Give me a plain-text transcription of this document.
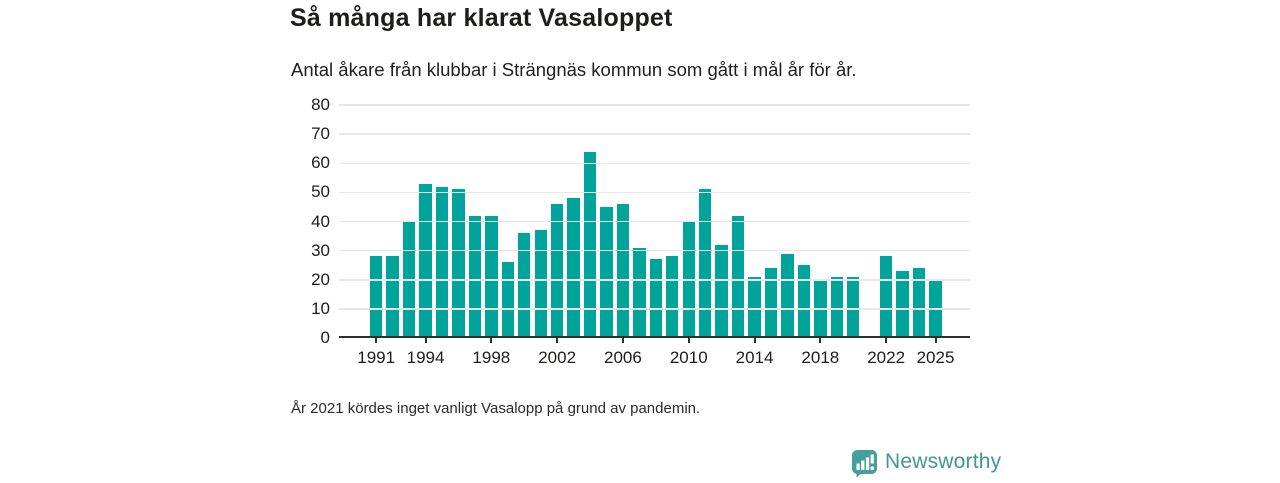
Så många har klarat Vasaloppet
Antal åkare från klubbar i Strängnäs kommun som gått i mål år för år.
1991 1994	1998	2002	2006	2010	2014	2018	2022 2025
0
10
20
30
40
50
60
70
80
År 2021 kördes inget vanligt Vasalopp på grund av pandemin.
Newsworthy
